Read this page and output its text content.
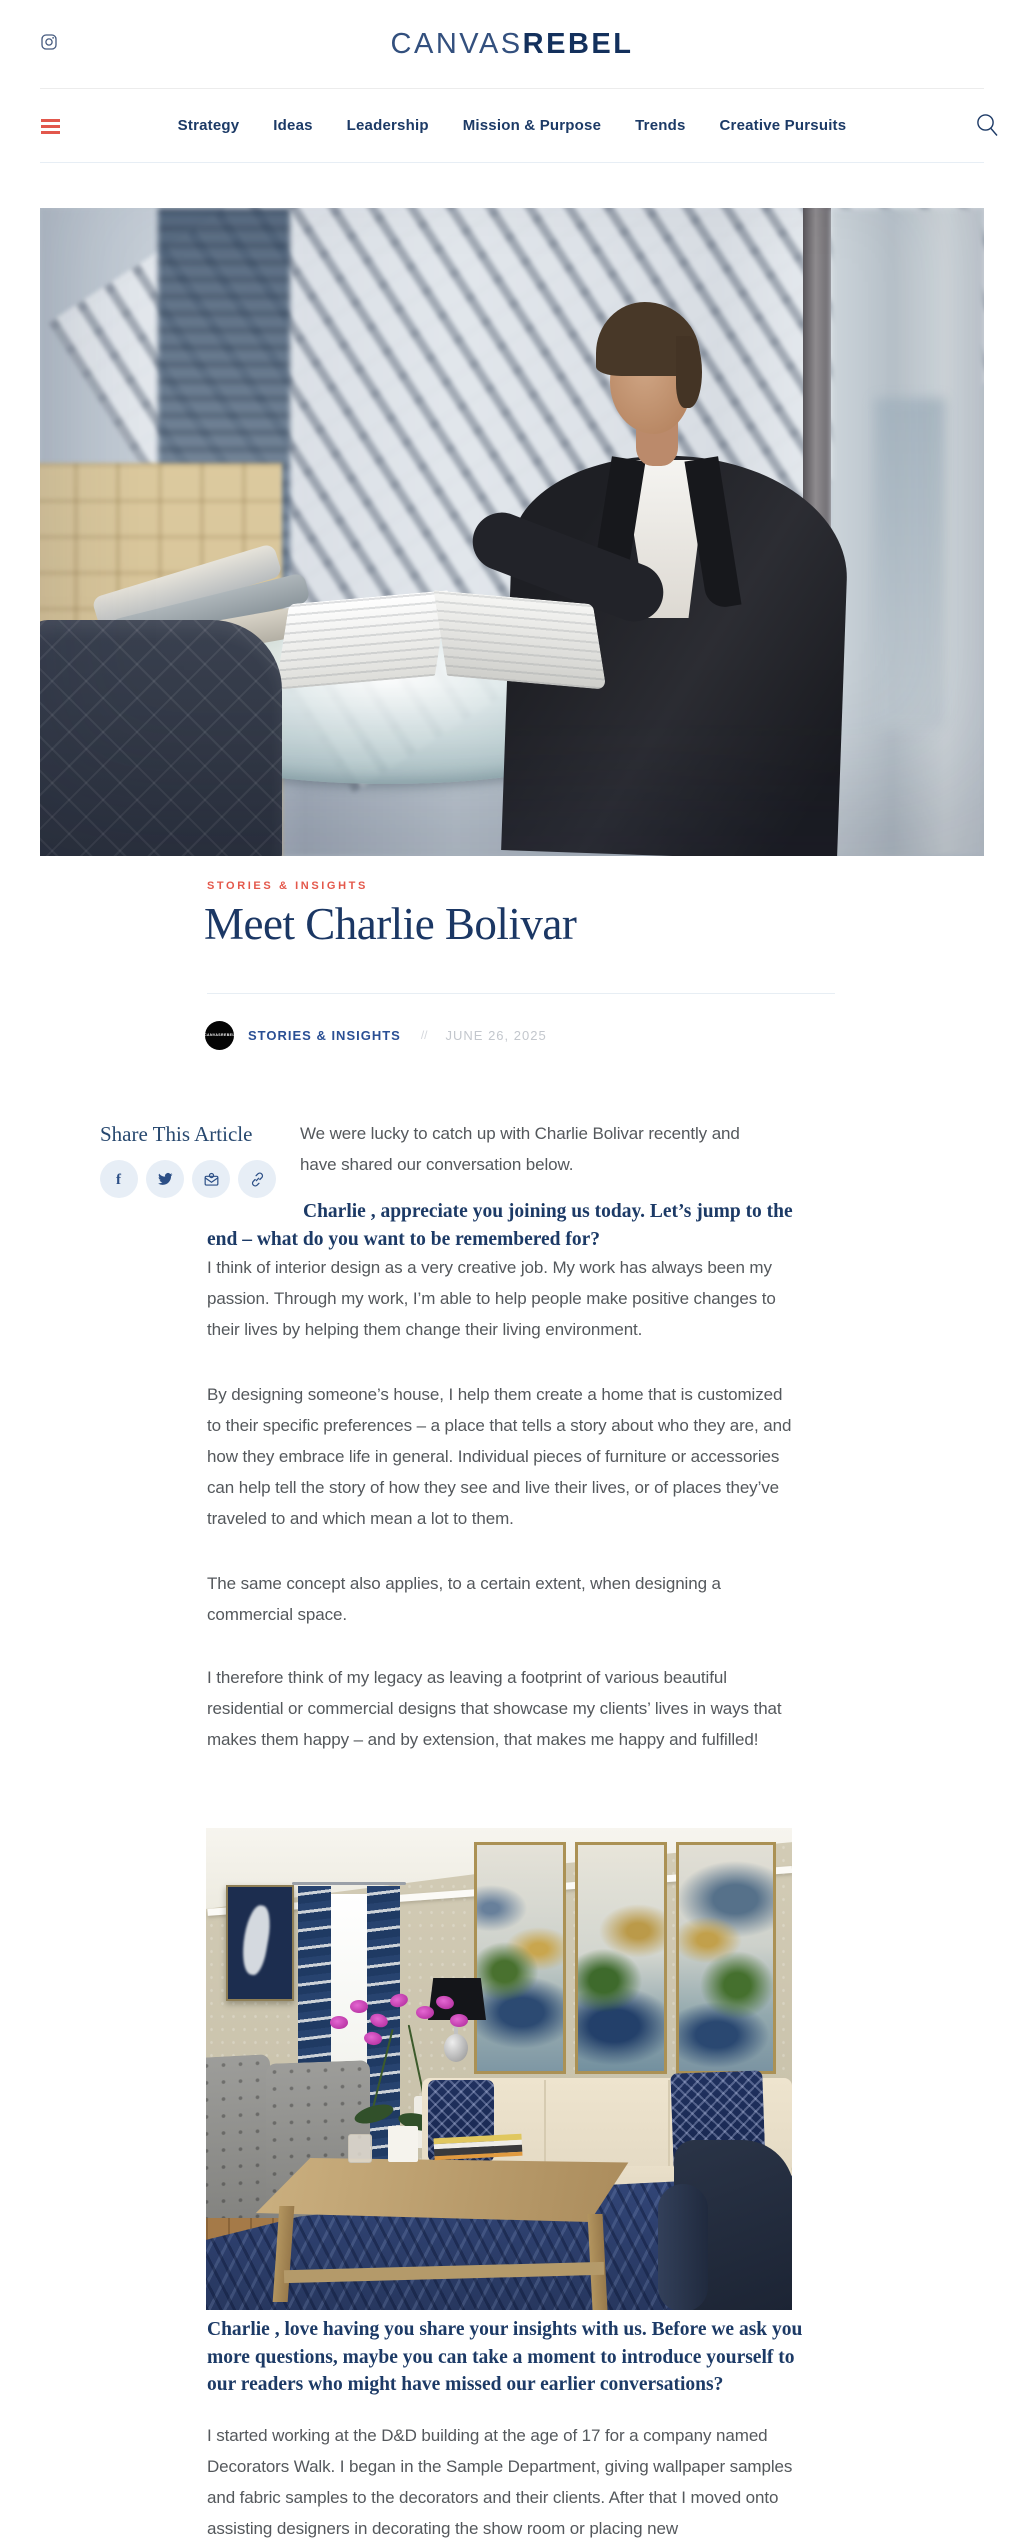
CANVASREBEL
Strategy Ideas Leadership Mission & Purpose Trends Creative Pursuits
STORIES & INSIGHTS
Meet Charlie Bolivar
CANVASREBEL STORIES & INSIGHTS // JUNE 26, 2025
Share This Article
f

We were lucky to catch up with Charlie Bolivar recently and have shared our conversation below.

Charlie , appreciate you joining us today. Let’s jump to the end – what do you want to be remembered for?

I think of interior design as a very creative job. My work has always been my passion. Through my work, I’m able to help people make positive changes to their lives by helping them change their living environment.

By designing someone’s house, I help them create a home that is customized to their specific preferences – a place that tells a story about who they are, and how they embrace life in general. Individual pieces of furniture or accessories can help tell the story of how they see and live their lives, or of places they’ve traveled to and which mean a lot to them.

The same concept also applies, to a certain extent, when designing a commercial space.

I therefore think of my legacy as leaving a footprint of various beautiful residential or commercial designs that showcase my clients’ lives in ways that makes them happy – and by extension, that makes me happy and fulfilled!

Charlie , love having you share your insights with us. Before we ask you more questions, maybe you can take a moment to introduce yourself to our readers who might have missed our earlier conversations?

I started working at the D&D building at the age of 17 for a company named Decorators Walk. I began in the Sample Department, giving wallpaper samples and fabric samples to the decorators and their clients. After that I moved onto assisting designers in decorating the show room or placing new
